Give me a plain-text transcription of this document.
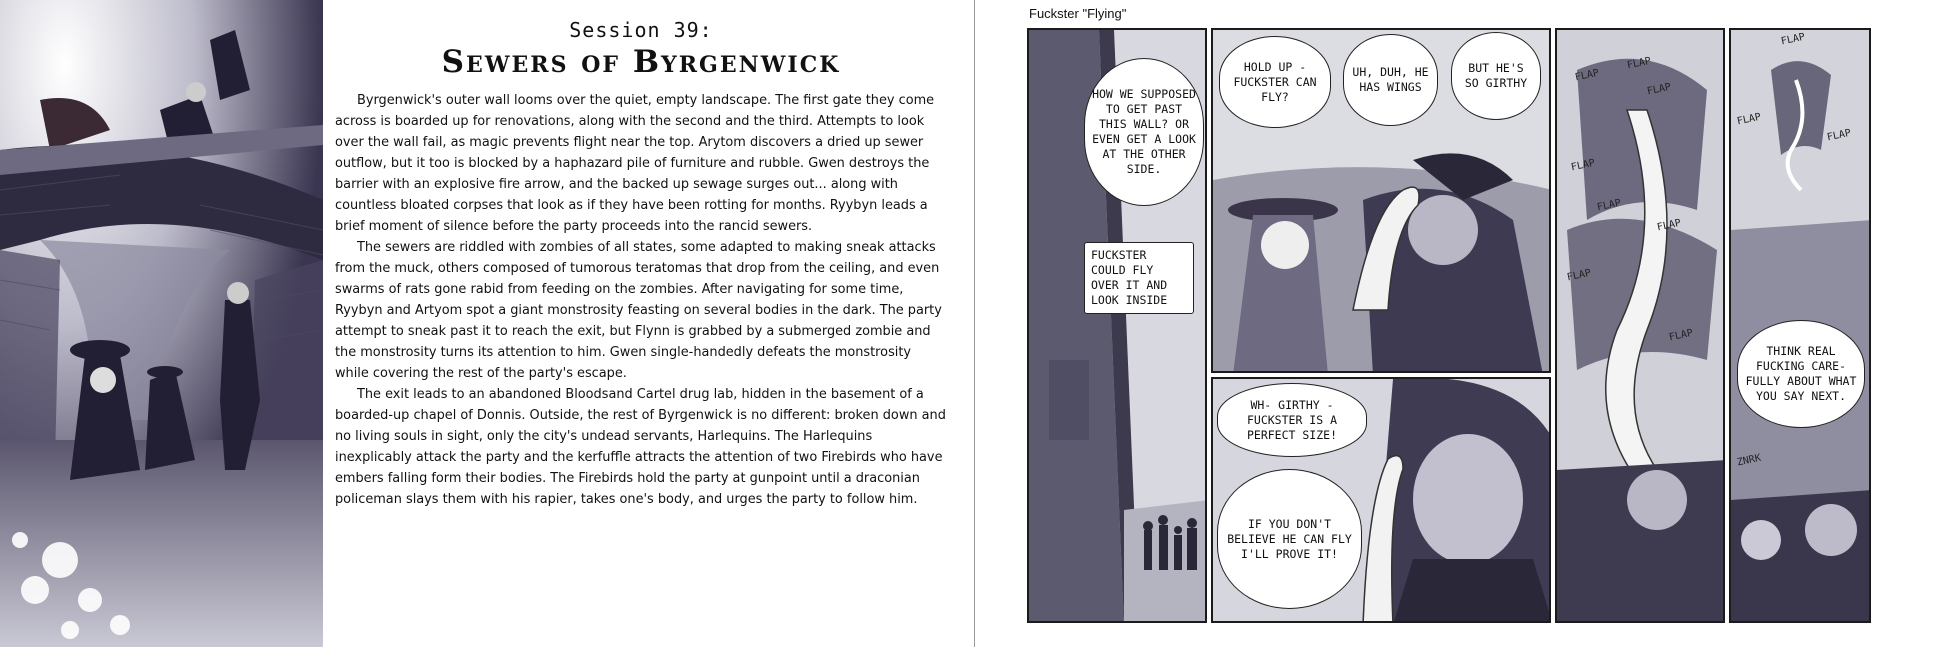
Session 39:
Sewers of Byrgenwick

Byrgenwick's outer wall looms over the quiet, empty landscape. The first gate they come across is boarded up for renovations, along with the second and the third. Attempts to look over the wall fail, as magic prevents flight near the top. Arytom discovers a dried up sewer outflow, but it too is blocked by a haphazard pile of furniture and rubble. Gwen destroys the barrier with an explosive fire arrow, and the backed up sewage surges out... along with countless bloated corpses that look as if they have been rotting for months. Ryybyn leads a brief moment of silence before the party proceeds into the rancid sewers.

The sewers are riddled with zombies of all states, some adapted to making sneak attacks from the muck, others composed of tumorous teratomas that drop from the ceiling, and even swarms of rats gone rabid from feeding on the zombies. After navigating for some time, Ryybyn and Artyom spot a giant monstrosity feasting on several bodies in the dark. The party attempt to sneak past it to reach the exit, but Flynn is grabbed by a submerged zombie and the monstrosity turns its attention to him. Gwen single-handedly defeats the monstrosity while covering the rest of the party's escape.

The exit leads to an abandoned Bloodsand Cartel drug lab, hidden in the basement of a boarded-up chapel of Donnis. Outside, the rest of Byrgenwick is no different: broken down and no living souls in sight, only the city's undead servants, Harlequins. The Harlequins inexplicably attack the party and the kerfuffle attracts the attention of two Firebirds who have embers falling form their bodies. The Firebirds hold the party at gunpoint until a draconian policeman slays them with his rapier, takes one's body, and urges the party to follow him.

Fuckster "Flying"
HOW WE SUPPOSED TO GET PAST THIS WALL? OR EVEN GET A LOOK AT THE OTHER SIDE.
FUCKSTER COULD FLY OVER IT AND LOOK INSIDE
HOLD UP - FUCKSTER CAN FLY?
UH, DUH, HE HAS WINGS
BUT HE'S SO GIRTHY
WH- GIRTHY - FUCKSTER IS A PERFECT SIZE!
IF YOU DON'T BELIEVE HE CAN FLY I'LL PROVE IT!
FLAP
FLAP
FLAP
FLAP
FLAP
FLAP
FLAP
FLAP
FLAP
FLAP
FLAP
THINK REAL FUCKING CARE-FULLY ABOUT WHAT YOU SAY NEXT.
ZNRK
